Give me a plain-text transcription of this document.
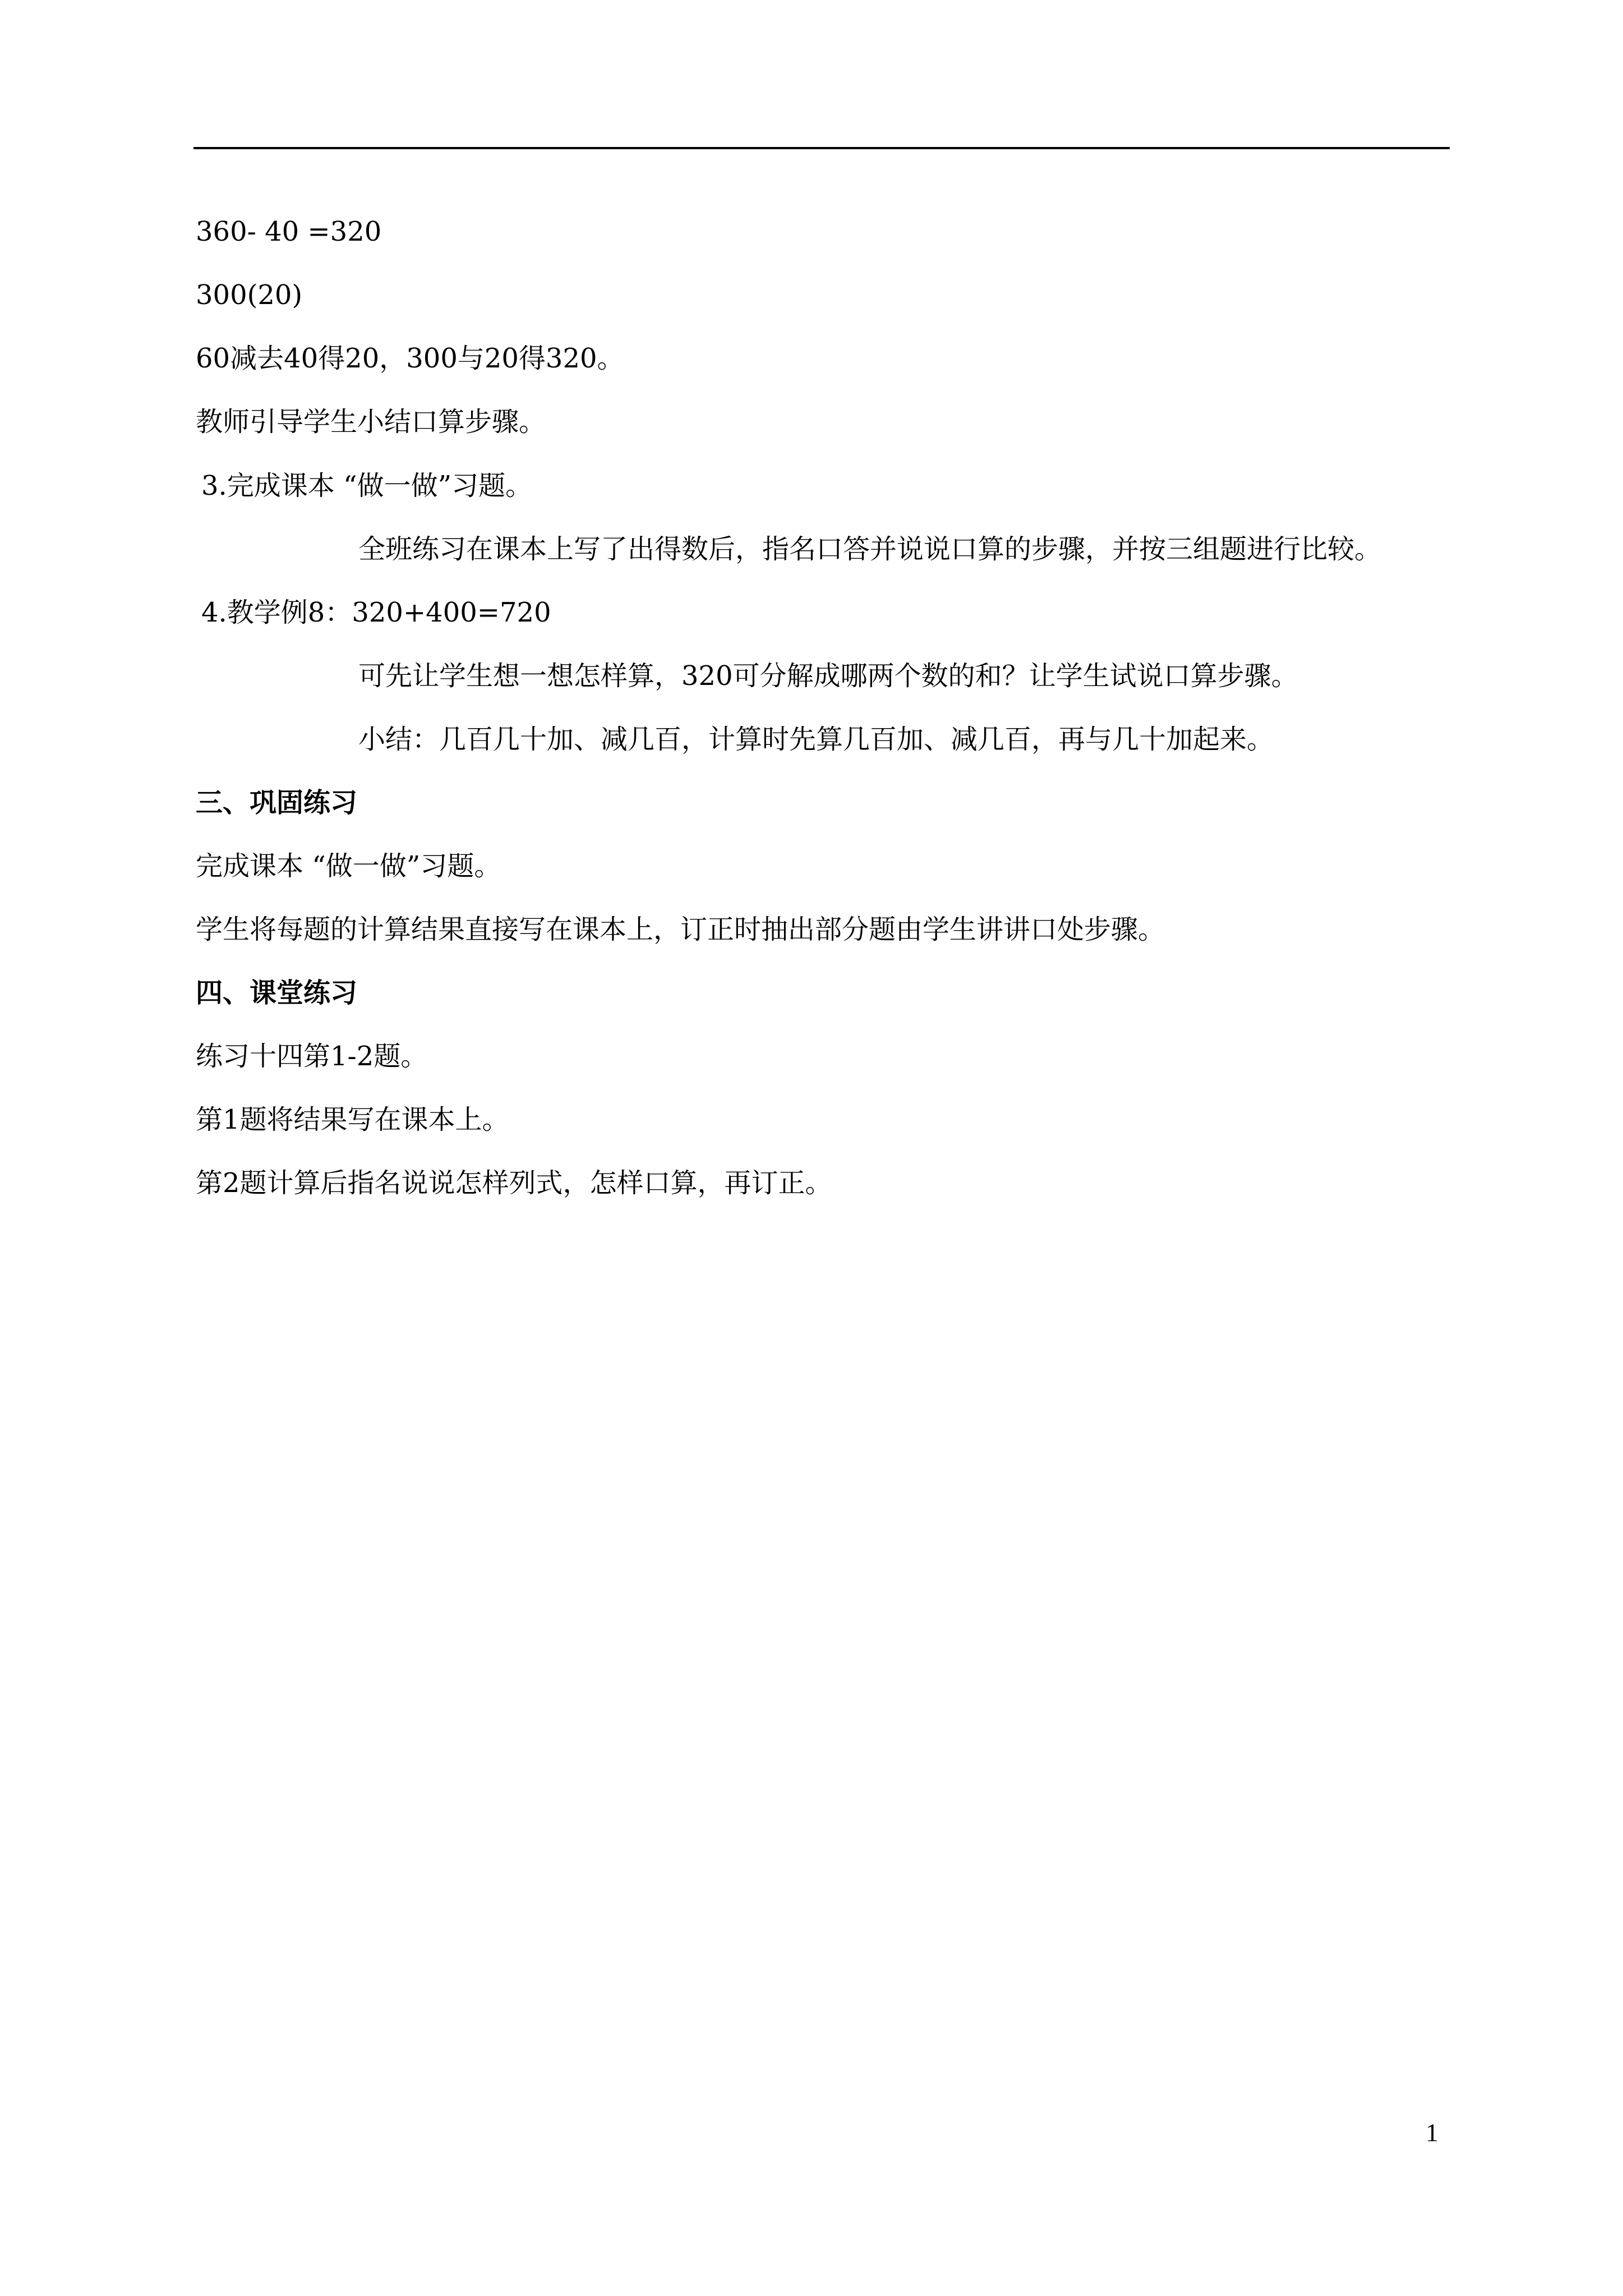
360- 40 =320
300(20)
60减去40得20，300与20得320。
教师引导学生小结口算步骤。
3.完成课本 “做一做”习题。
全班练习在课本上写了出得数后，指名口答并说说口算的步骤，并按三组题进行比较。
4.教学例8：320+400=720
可先让学生想一想怎样算，320可分解成哪两个数的和？让学生试说口算步骤。
小结：几百几十加、减几百，计算时先算几百加、减几百，再与几十加起来。
三、巩固练习
完成课本 “做一做”习题。
学生将每题的计算结果直接写在课本上，订正时抽出部分题由学生讲讲口处步骤。
四、课堂练习
练习十四第1-2题。
第1题将结果写在课本上。
第2题计算后指名说说怎样列式，怎样口算，再订正。
1
